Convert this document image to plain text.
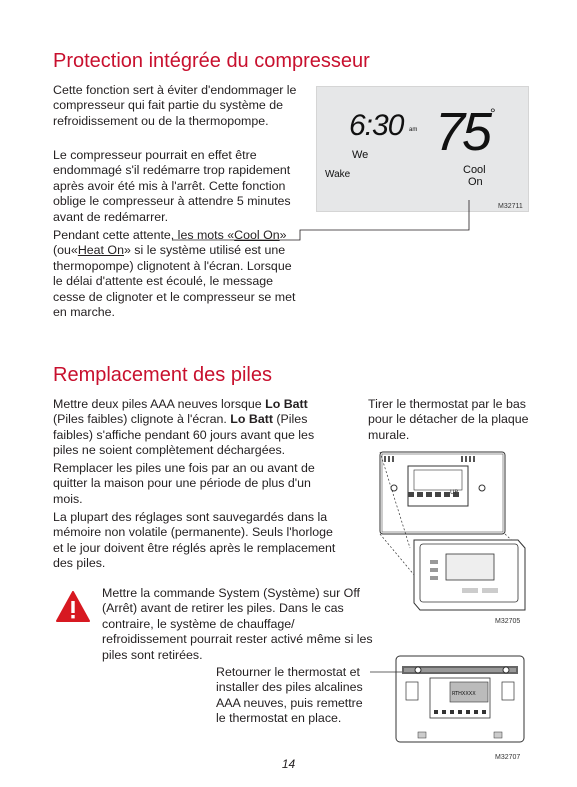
Protection intégrée du compresseur

Cette fonction sert à éviter d'endommager le compresseur qui fait partie du système de refroidissement ou de la thermopompe.

Le compresseur pourrait en effet être endommagé s'il redémarre trop rapidement après avoir été mis à l'arrêt. Cette fonction oblige le compresseur à attendre 5 minutes avant de redémarrer.

Pendant cette attente, les mots «Cool On» (ou«Heat On» si le système utilisé est une thermopompe) clignotent à l'écran. Lorsque le délai d'attente est écoulé, le message cesse de clignoter et le compresseur se met en marche.

6:30 am 75 °
We
Wake	Cool
On
M32711
Remplacement des piles

Mettre deux piles AAA neuves lorsque Lo Batt (Piles faibles) clignote à l'écran. Lo Batt (Piles faibles) s'affiche pendant 60 jours avant que les piles ne soient complètement déchargées.

Remplacer les piles une fois par an ou avant de quitter la maison pour une période de plus d'un mois.

La plupart des réglages sont sauvegardés dans la mémoire non volatile (permanente). Seuls l'horloge et le jour doivent être réglés après le remplacement des piles.

Mettre la commande System (Système) sur Off (Arrêt) avant de retirer les piles. Dans le cas contraire, le système de chauffage/ refroidissement pourrait rester activé même si les piles sont retirées.

Tirer le thermostat par le bas pour le détacher de la plaque murale.

UP
M32705
RTHXXXX

Retourner le thermostat et installer des piles alcalines AAA neuves, puis remettre le thermostat en place.

M32707
14
